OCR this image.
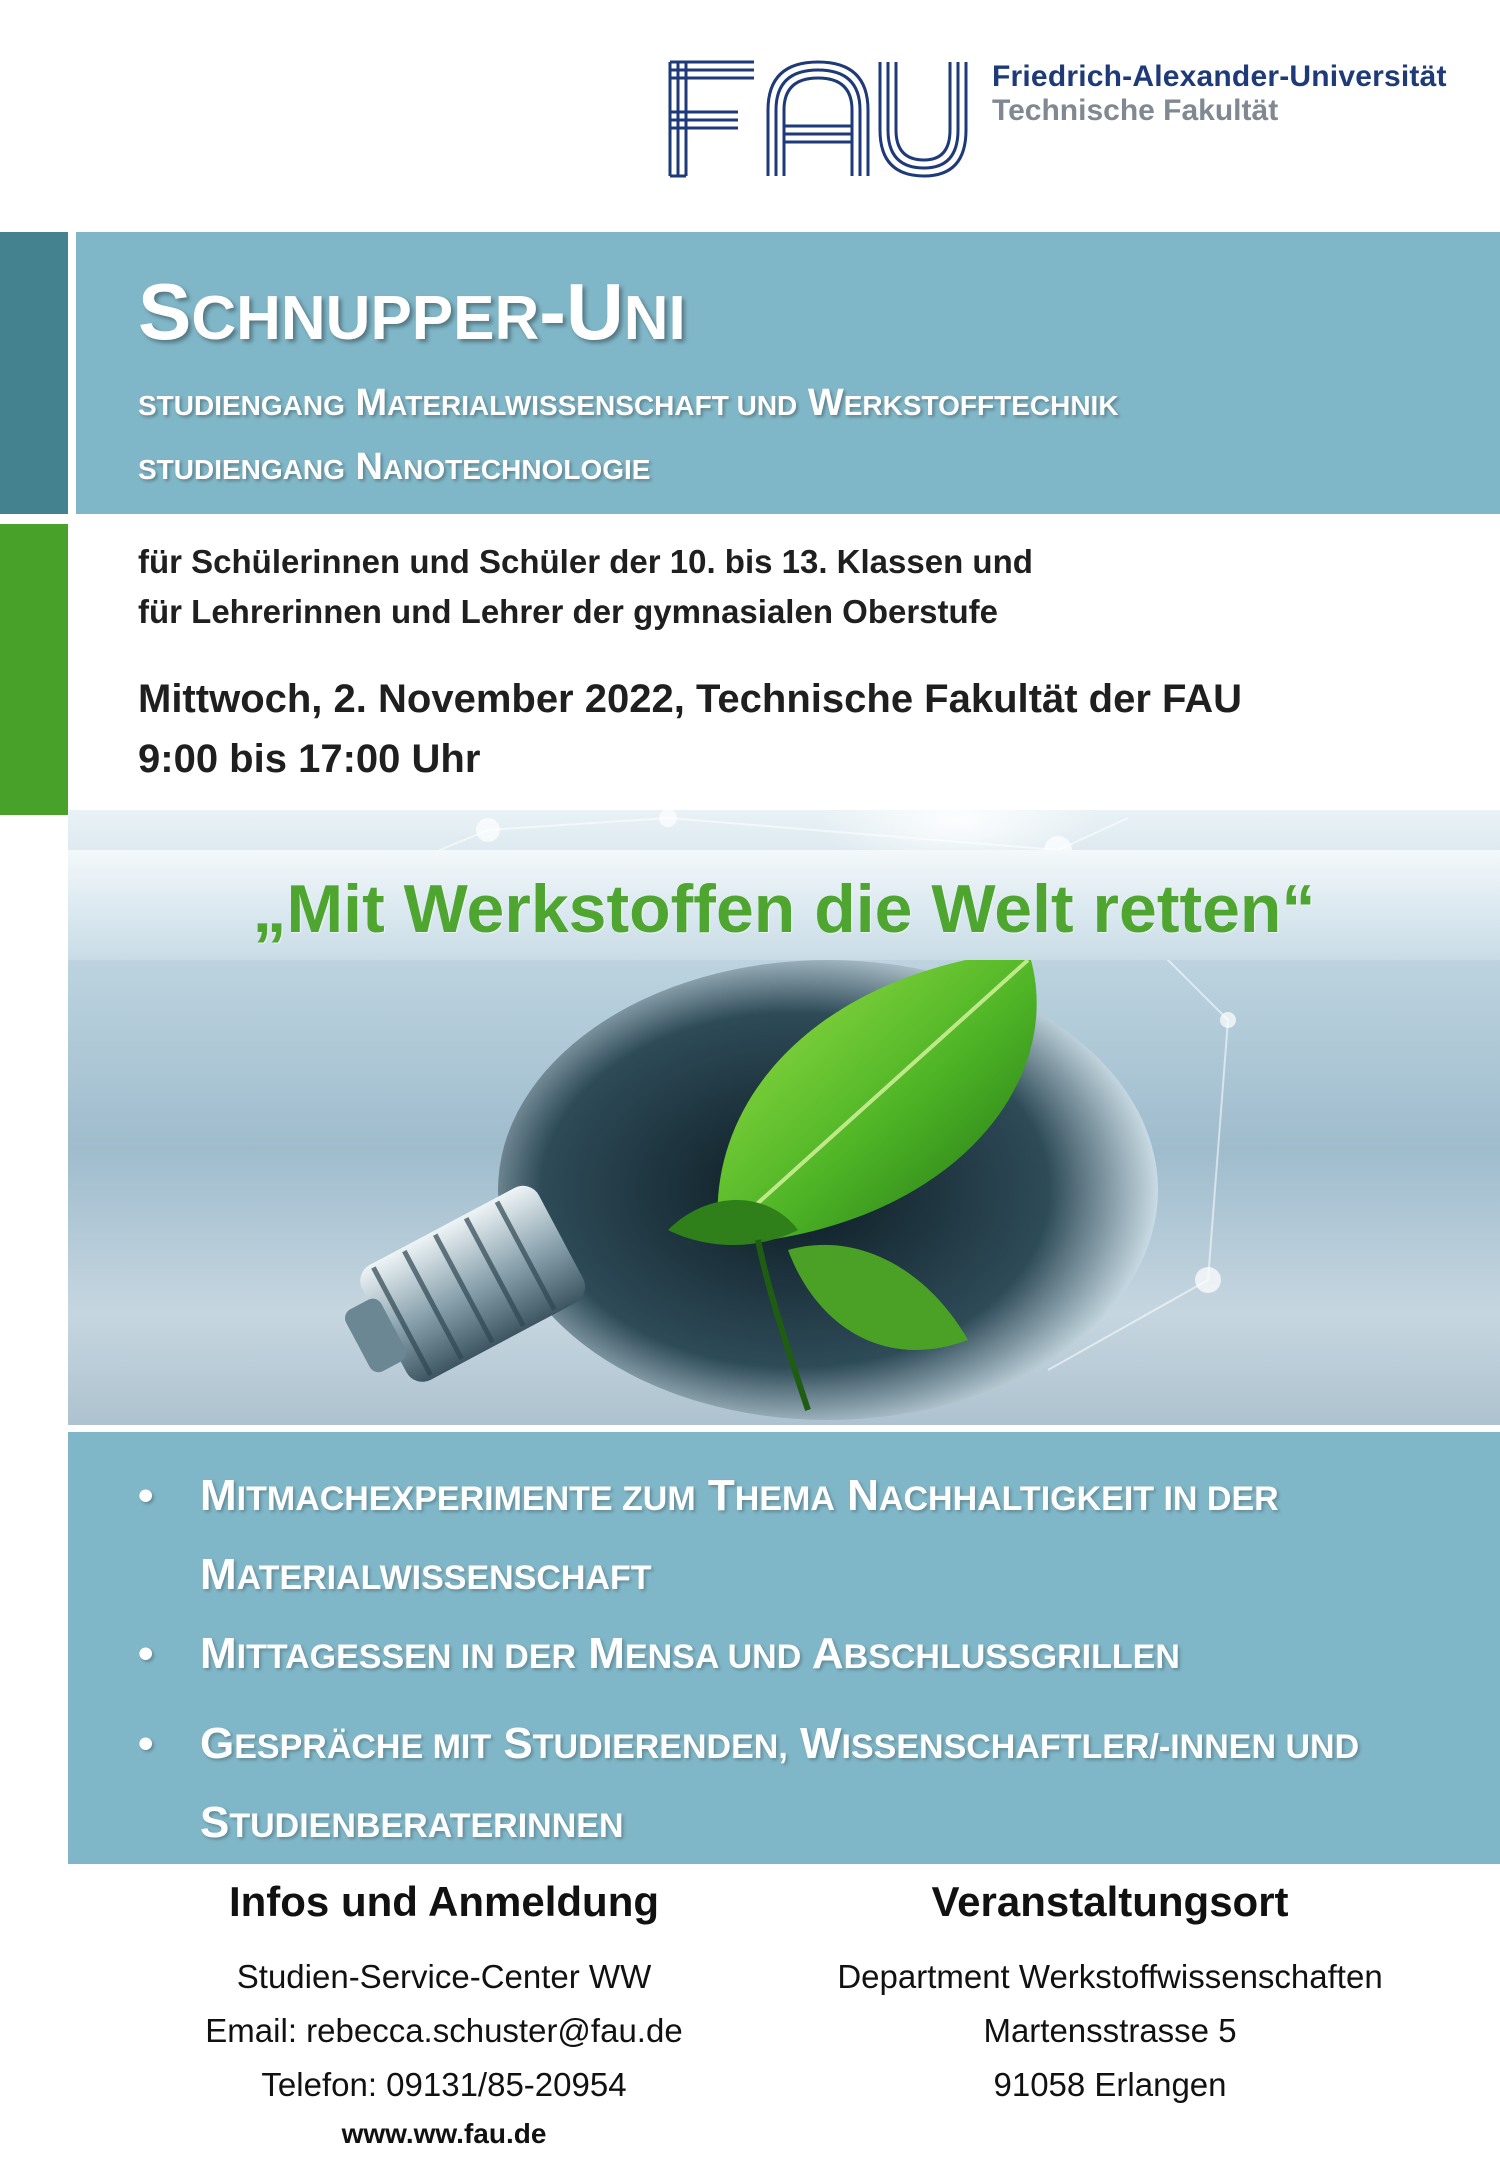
Friedrich-Alexander-Universität
Technische Fakultät
SCHNUPPER-UNI
STUDIENGANG MATERIALWISSENSCHAFT UND WERKSTOFFTECHNIK
STUDIENGANG NANOTECHNOLOGIE
für Schülerinnen und Schüler der 10. bis 13. Klassen und
für Lehrerinnen und Lehrer der gymnasialen Oberstufe
Mittwoch, 2. November 2022, Technische Fakultät der FAU
9:00 bis 17:00 Uhr
„Mit Werkstoffen die Welt retten“
• MITMACHEXPERIMENTE ZUM THEMA NACHHALTIGKEIT IN DER MATERIALWISSENSCHAFT
• MITTAGESSEN IN DER MENSA UND ABSCHLUSSGRILLEN
• GESPRÄCHE MIT STUDIERENDEN, WISSENSCHAFTLER/-INNEN UND STUDIENBERATERINNEN
Infos und Anmeldung
Studien-Service-Center WW
Email: rebecca.schuster@fau.de
Telefon: 09131/85-20954
www.ww.fau.de
Veranstaltungsort
Department Werkstoffwissenschaften
Martensstrasse 5
91058 Erlangen
